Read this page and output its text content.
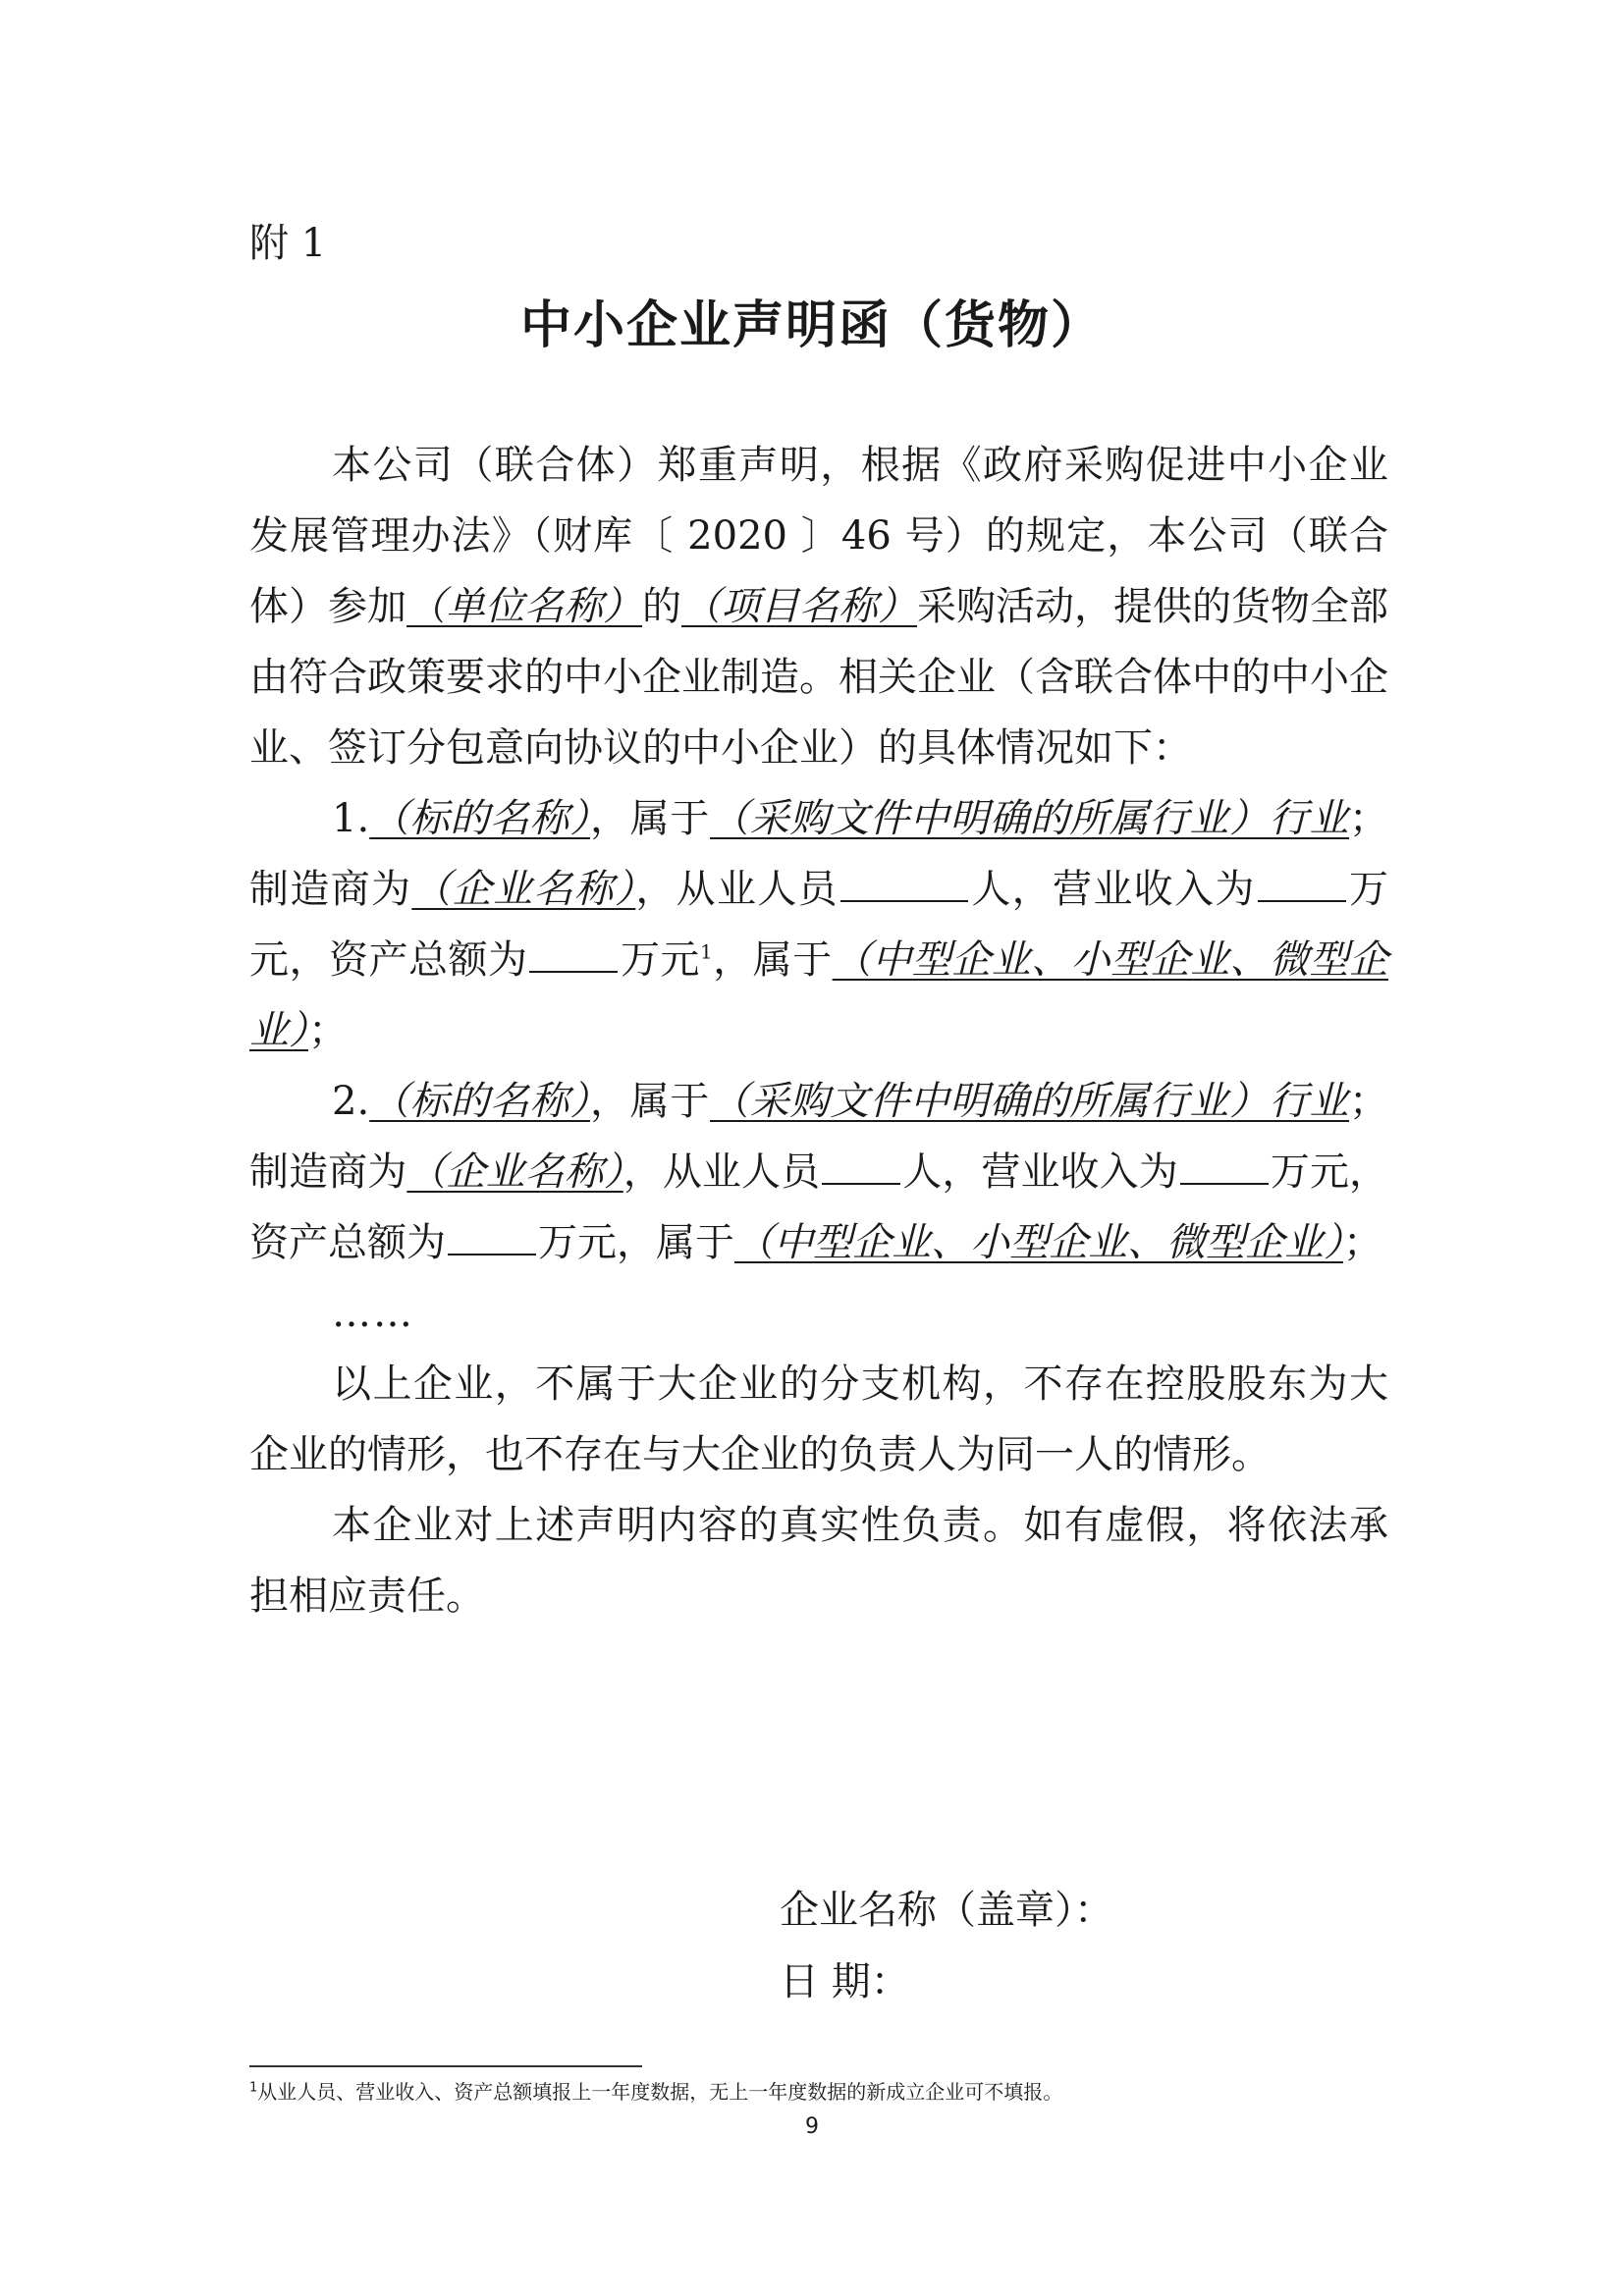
附 1
中小企业声明函（货物）

本公司（联合体）郑重声明，根据《政府采购促进中小企业发展管理办法》（财库〔 2020 〕46 号）的规定，本公司（联合体）参加（单位名称）的（项目名称）采购活动，提供的货物全部由符合政策要求的中小企业制造。相关企业（含联合体中的中小企业、签订分包意向协议的中小企业）的具体情况如下：

1.（标的名称），属于（采购文件中明确的所属行业）行业；制造商为（企业名称），从业人员	人，营业收入为 万元，资产总额为 万元$^1$，属于（中型企业、小型企业、微型企业）；

2.（标的名称），属于（采购文件中明确的所属行业）行业；制造商为（企业名称），从业人员 人，营业收入为 万元，资产总额为 万元，属于（中型企业、小型企业、微型企业）；

……

以上企业，不属于大企业的分支机构，不存在控股股东为大企业的情形，也不存在与大企业的负责人为同一人的情形。

本企业对上述声明内容的真实性负责。如有虚假，将依法承担相应责任。

企业名称（盖章）：
日 期：
$^1$从业人员、营业收入、资产总额填报上一年度数据，无上一年度数据的新成立企业可不填报。
9
